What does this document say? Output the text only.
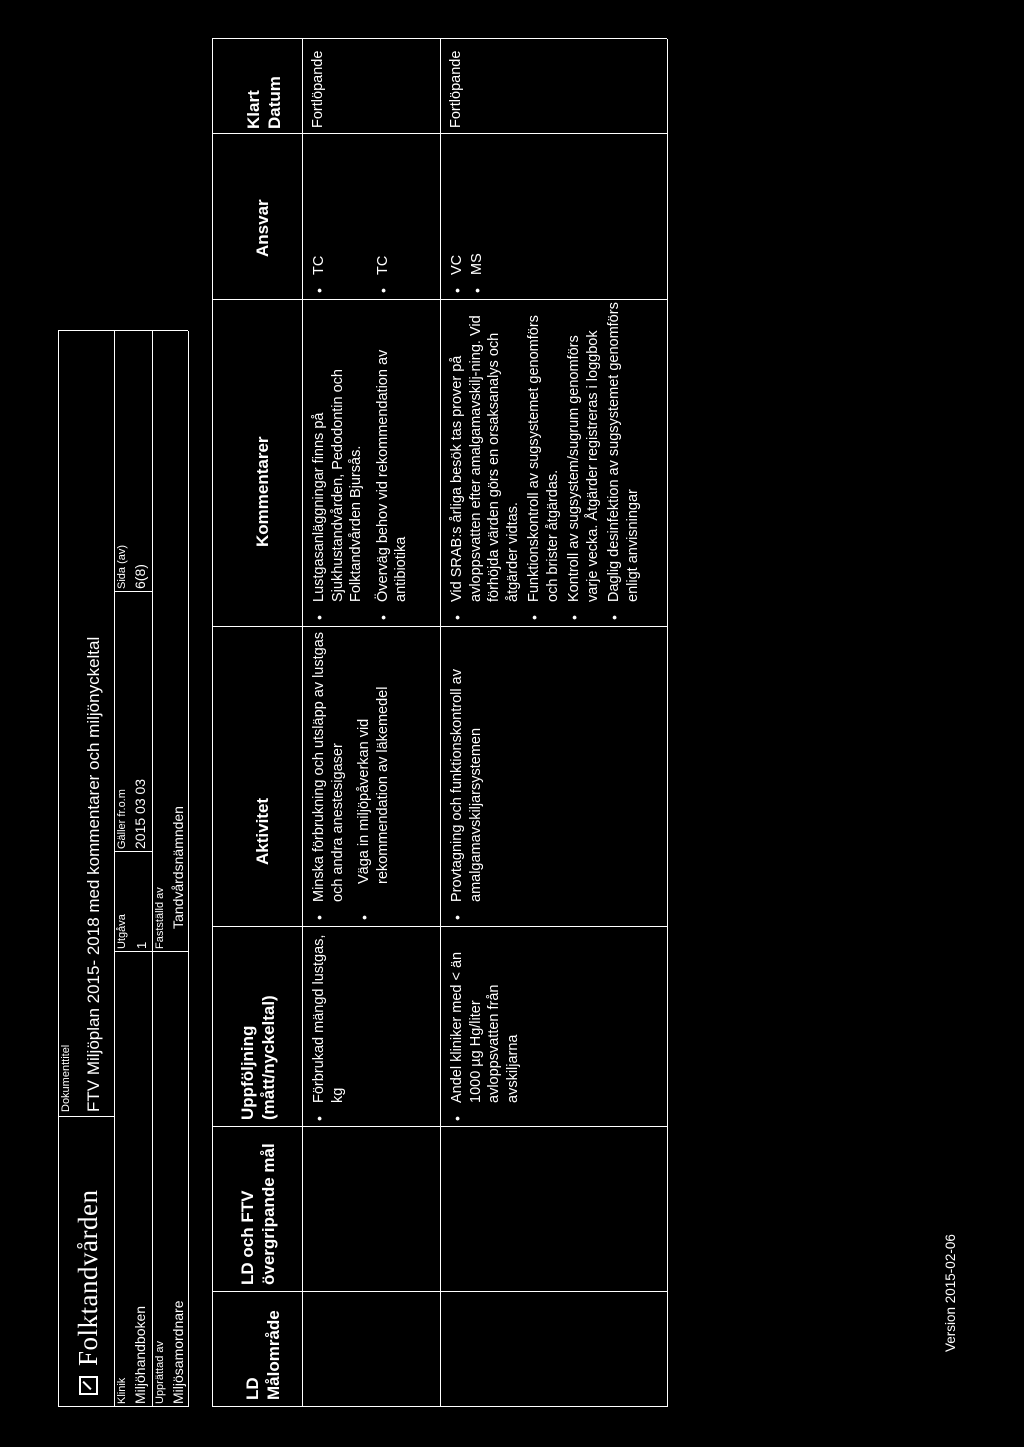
Folktandvården
Dokumenttitel FTV Miljöplan 2015- 2018 med kommentarer och miljönyckeltal
Klinik Miljöhandboken
Utgåva 1
Gäller fr.o.m 2015 03 03
Sida (av) 6(8)
Upprättad av Miljösamordnare
Fastställd av Tandvårdsnämnden
LD Målområde
LD och FTV övergripande mål
Uppföljning (mått/nyckeltal)
Aktivitet
Kommentarer
Ansvar
Klart Datum
• Förbrukad mängd lustgas, kg
• Minska förbrukning och utsläpp av lustgas och andra anestesigaser • Väga in miljöpåverkan vid rekommendation av läkemedel
• Lustgasanläggningar finns på Sjukhustandvården, Pedodontin och Folktandvården Bjursås. • Överväg behov vid rekommendation av antibiotika
• TC	• TC
Fortlöpande
• Andel kliniker med < än 1000 µg Hg/liter avloppsvatten från avskiljarna
• Provtagning och funktionskontroll av amalgamavskiljarsystemen
• Vid SRAB:s årliga besök tas prover på avloppsvatten efter amalgamavskilj-ning. Vid förhöjda värden görs en orsaksanalys och åtgärder vidtas. • Funktionskontroll av sugsystemet genomförs och brister åtgärdas. • Kontroll av sugsystem/sugrum genomförs varje vecka. Åtgärder registreras i loggbok • Daglig desinfektion av sugsystemet genomförs enligt anvisningar
• VC • MS
Fortlöpande
Version 2015-02-06
